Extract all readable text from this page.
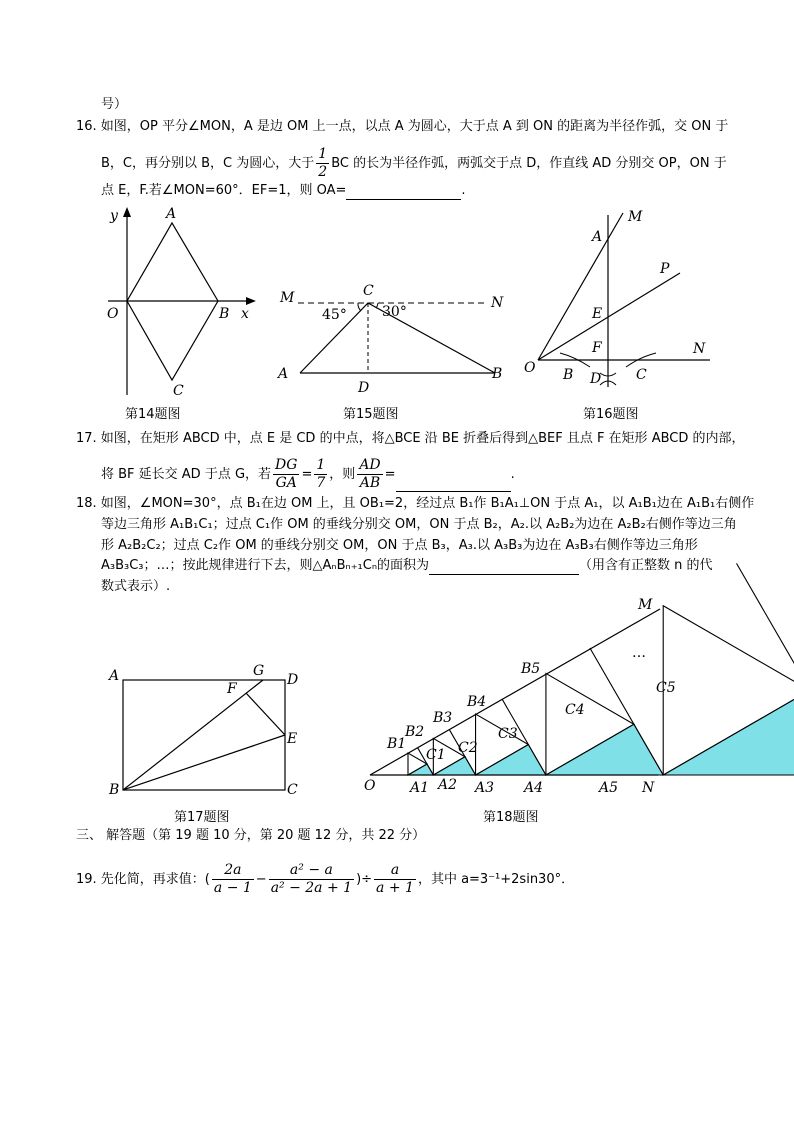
号）
16. 如图，OP 平分∠MON，A 是边 OM 上一点，以点 A 为圆心，大于点 A 到 ON 的距离为半径作弧，交 ON 于
B，C，再分别以 B，C 为圆心，大于 $\frac{1}{2}$ BC 的长为半径作弧，两弧交于点 D，作直线 AD 分别交 OP，ON 于
点 E，F.若∠MON=60°．EF=1，则 OA=	.
y	A
O	B x
C
第14题图
M	C
N
45°	30°
A
D
B
第15题图
M
A
P
E
F	N
O B D C
第16题图
17. 如图，在矩形 ABCD 中，点 E 是 CD 的中点，将△BCE 沿 BE 折叠后得到△BEF 且点 F 在矩形 ABCD 的内部，
将 BF 延长交 AD 于点 G，若 $\frac{DG}{GA} = \frac{1}{7}$ ，则 $\frac{AD}{AB}$ =	.
18. 如图，∠MON=30°，点 B₁在边 OM 上，且 OB₁=2，经过点 B₁作 B₁A₁⊥ON 于点 A₁，以 A₁B₁边在 A₁B₁右侧作
等边三角形 A₁B₁C₁；过点 C₁作 OM 的垂线分别交 OM，ON 于点 B₂，A₂.以 A₂B₂为边在 A₂B₂右侧作等边三角
形 A₂B₂C₂；过点 C₂作 OM 的垂线分别交 OM，ON 于点 B₃，A₃.以 A₃B₃为边在 A₃B₃右侧作等边三角形
A₃B₃C₃；…；按此规律进行下去，则△AₙBₙ₊₁Cₙ的面积为	（用含有正整数 n 的代
数式表示）.
A	G
D
F
E
B	C
第17题图
M
…
B1
B2
B3
B4
B5
C1 C2
C3
C4
C5
O A1 A2 A3 A4	A5 N
第18题图
三、 解答题（第 19 题 10 分，第 20 题 12 分，共 22 分）
19. 先化简，再求值：( $\frac{2a}{a - 1} - \frac{\text{a² − a}}{\text{a² − 2a + 1}}$ )÷ $\frac{a}{a + 1}$ ，其中 a=3⁻¹+2sin30°．
